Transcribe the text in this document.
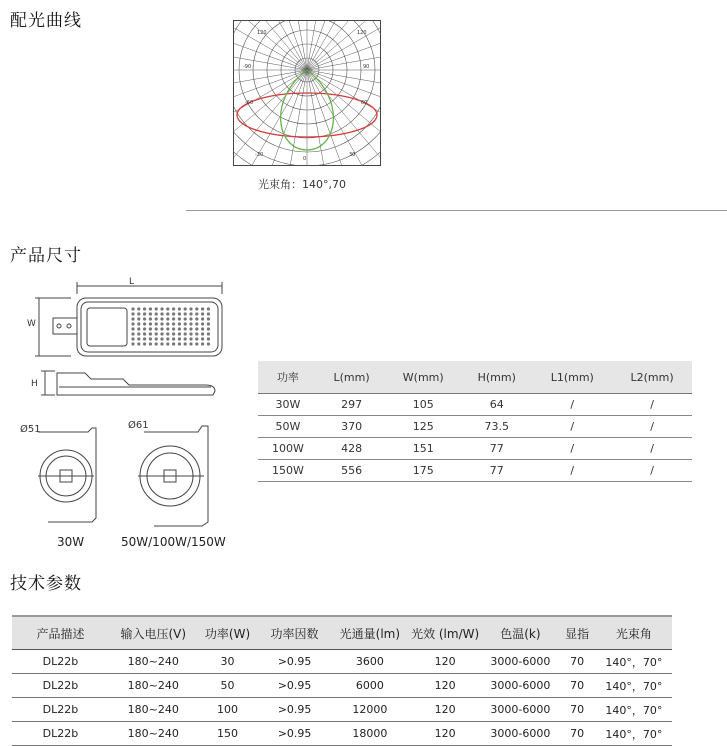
配光曲线
120	120
-90	90
-60	60
-30	30
0
光束角：140°,70
产品尺寸
L
W
H
Ø51	Ø61
30W	50W/100W/150W
功率	L(mm)	W(mm)	H(mm)	L1(mm)	L2(mm)
30W	297	105	64	/	/
50W	370	125	73.5	/	/
100W	428	151	77	/	/
150W	556	175	77	/	/
技术参数
产品描述	输入电压(V)	功率(W)	功率因数	光通量(lm)	光效 (lm/W)	色温(k)	显指	光束角
DL22b	180~240	30	>0.95	3600	120	3000-6000	70	140°，70°
DL22b	180~240	50	>0.95	6000	120	3000-6000	70	140°，70°
DL22b	180~240	100	>0.95	12000	120	3000-6000	70	140°，70°
DL22b	180~240	150	>0.95	18000	120	3000-6000	70	140°，70°
